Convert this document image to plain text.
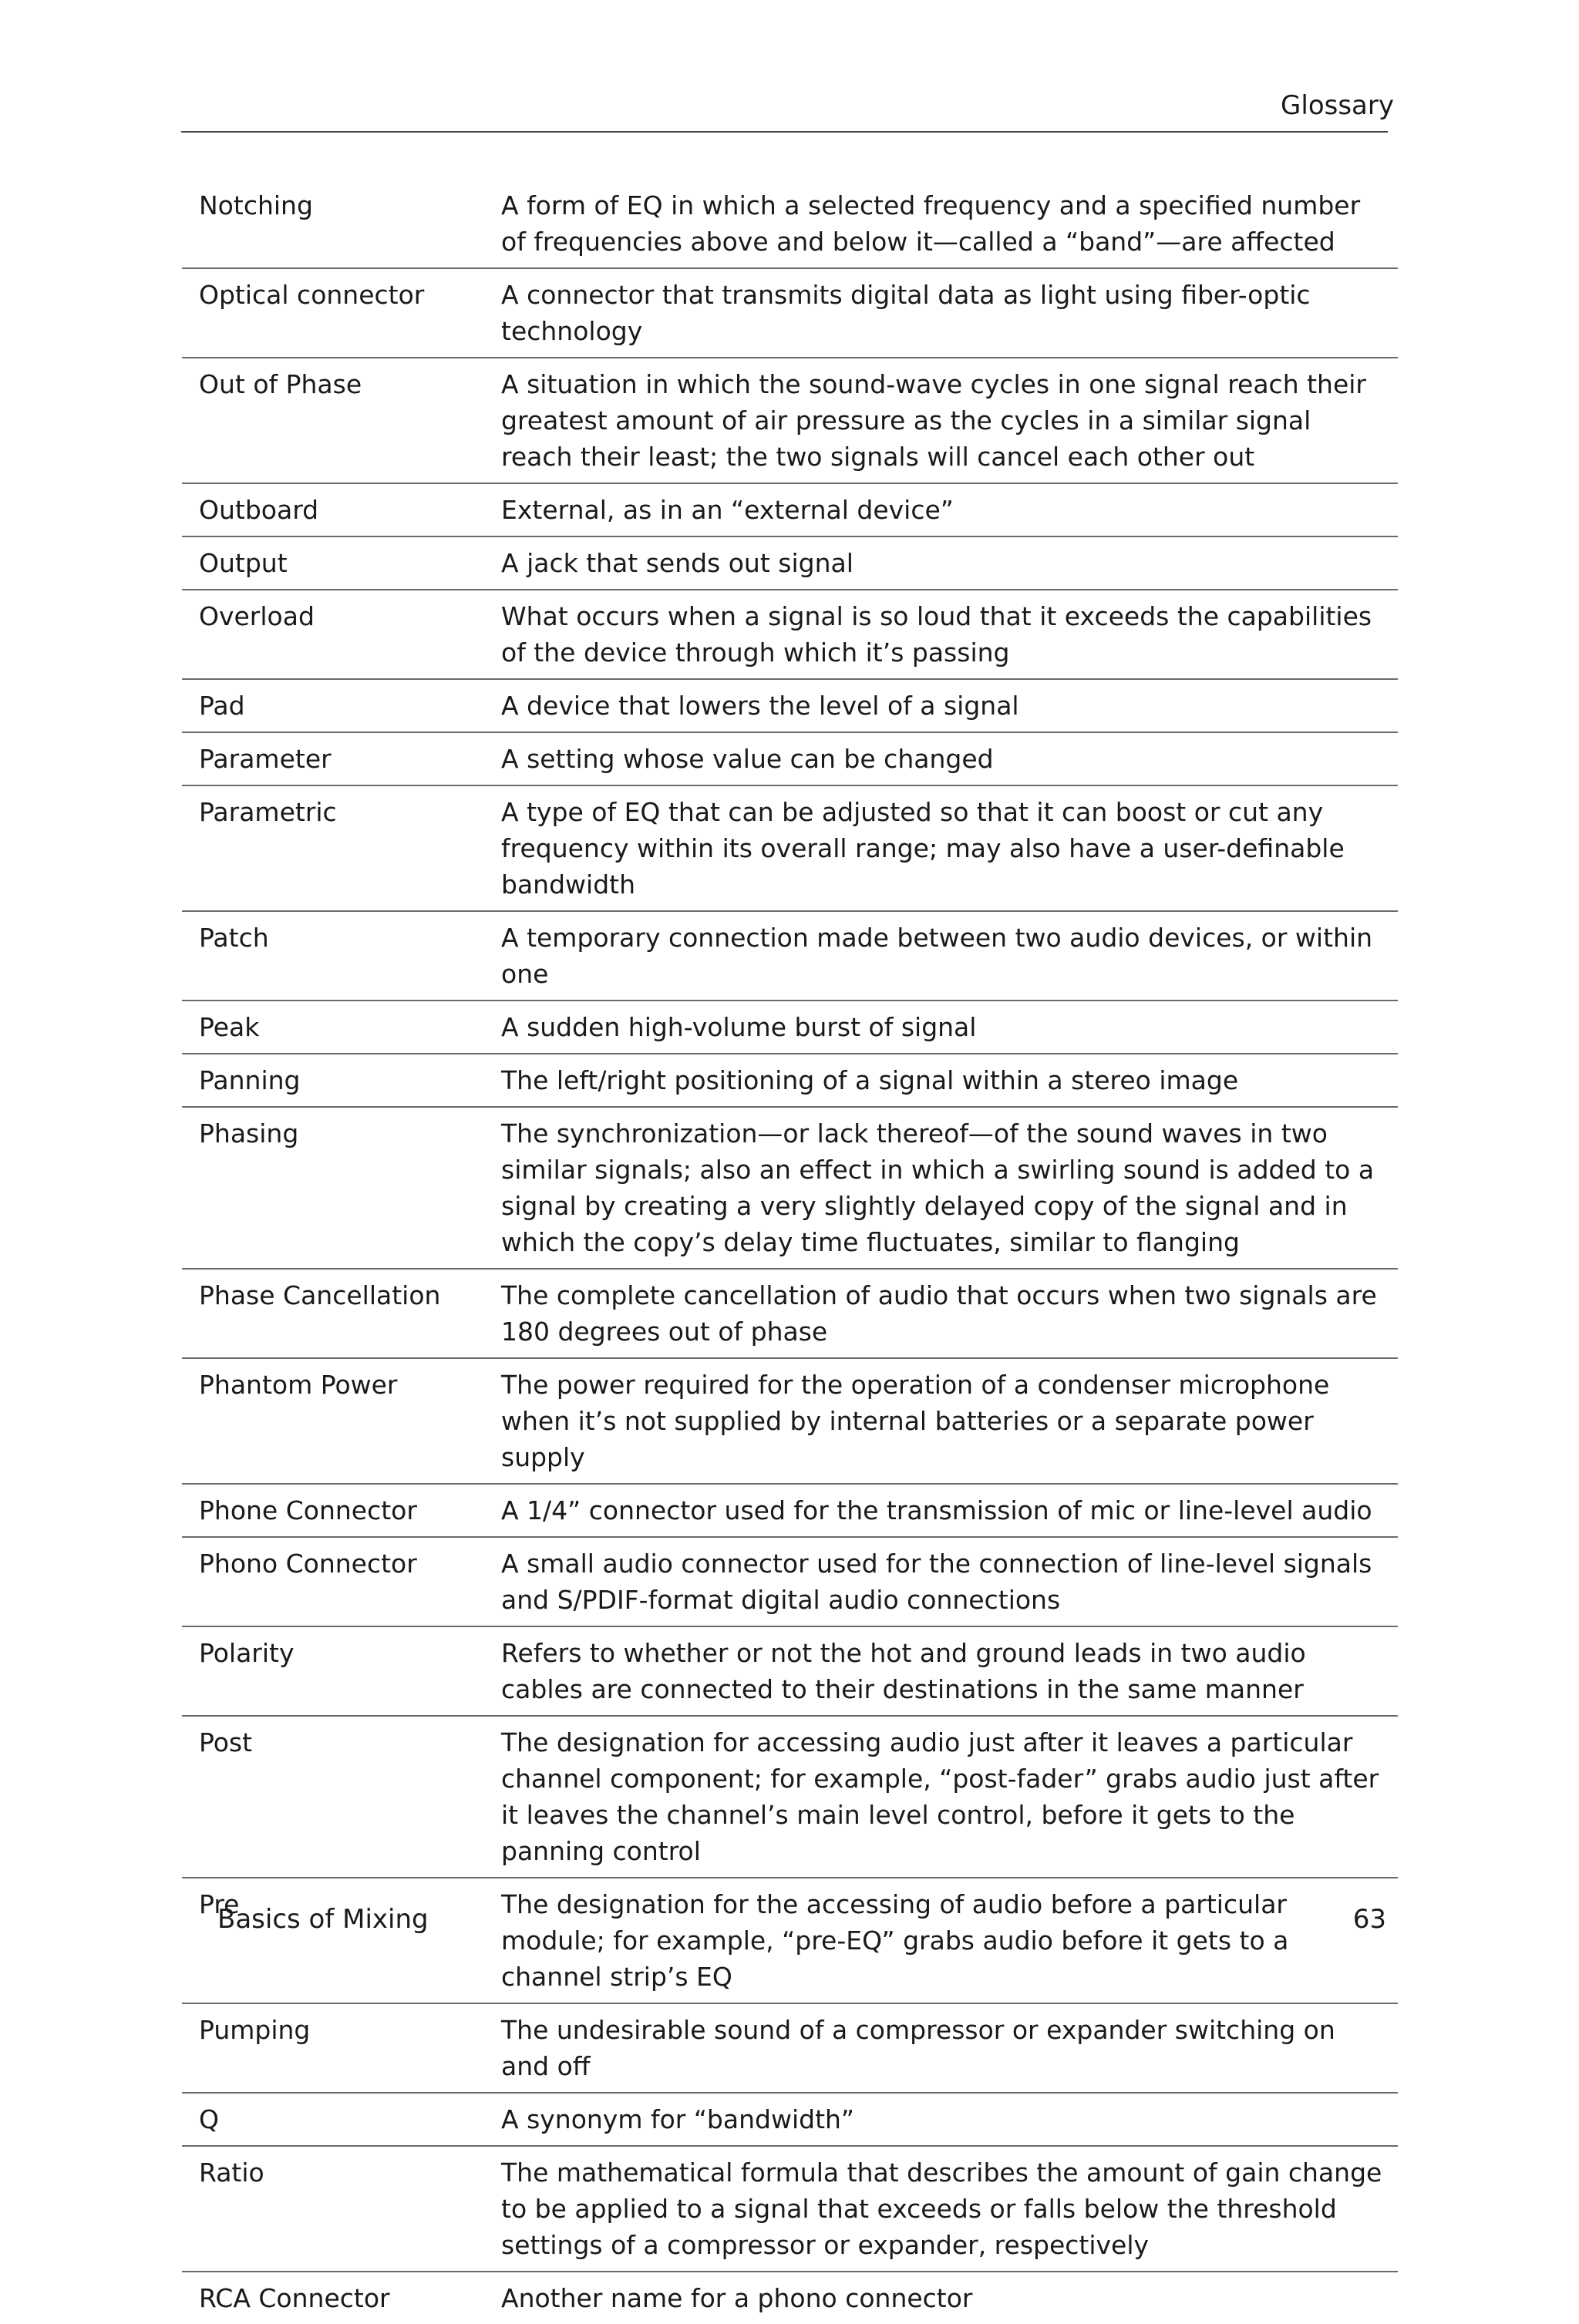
Glossary
Notching	A form of EQ in which a selected frequency and a specified number of frequencies above and below it—called a “band”—are affected
Optical connector	A connector that transmits digital data as light using fiber-optic technology
Out of Phase	A situation in which the sound-wave cycles in one signal reach their greatest amount of air pressure as the cycles in a similar signal reach their least; the two signals will cancel each other out
Outboard	External, as in an “external device”
Output	A jack that sends out signal
Overload	What occurs when a signal is so loud that it exceeds the capabilities of the device through which it’s passing
Pad	A device that lowers the level of a signal
Parameter	A setting whose value can be changed
Parametric	A type of EQ that can be adjusted so that it can boost or cut any frequency within its overall range; may also have a user-definable bandwidth
Patch	A temporary connection made between two audio devices, or within one
Peak	A sudden high-volume burst of signal
Panning	The left/right positioning of a signal within a stereo image
Phasing	The synchronization—or lack thereof—of the sound waves in two similar signals; also an effect in which a swirling sound is added to a signal by creating a very slightly delayed copy of the signal and in which the copy’s delay time fluctuates, similar to flanging
Phase Cancellation	The complete cancellation of audio that occurs when two signals are 180 degrees out of phase
Phantom Power	The power required for the operation of a condenser microphone when it’s not supplied by internal batteries or a separate power supply
Phone Connector	A 1/4” connector used for the transmission of mic or line-level audio
Phono Connector	A small audio connector used for the connection of line-level signals and S/PDIF-format digital audio connections
Polarity	Refers to whether or not the hot and ground leads in two audio cables are connected to their destinations in the same manner
Post	The designation for accessing audio just after it leaves a particular channel component; for example, “post-fader” grabs audio just after it leaves the channel’s main level control, before it gets to the panning control
Pre	The designation for the accessing of audio before a particular module; for example, “pre-EQ” grabs audio before it gets to a channel strip’s EQ
Pumping	The undesirable sound of a compressor or expander switching on and off
Q	A synonym for “bandwidth”
Ratio	The mathematical formula that describes the amount of gain change to be applied to a signal that exceeds or falls below the threshold settings of a compressor or expander, respectively
RCA Connector	Another name for a phono connector
Basics of Mixing	63
